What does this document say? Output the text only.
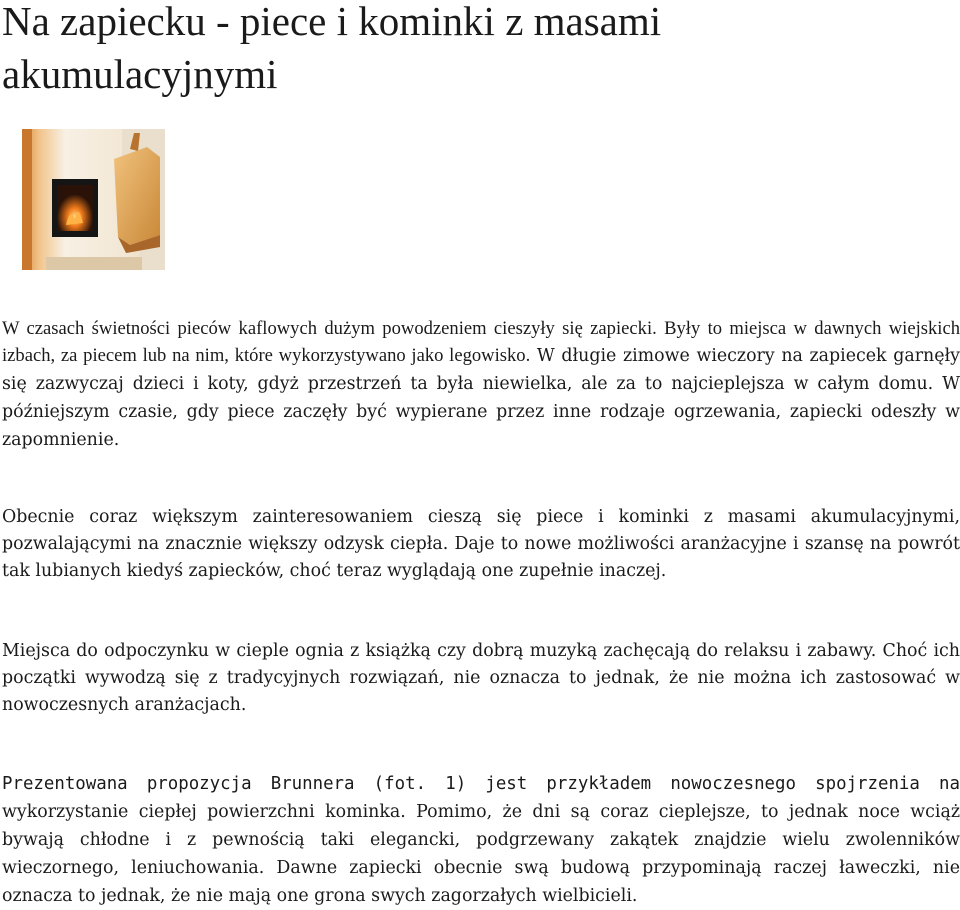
Na zapiecku - piece i kominki z masami akumulacyjnymi

W czasach świetności pieców kaflowych dużym powodzeniem cieszyły się zapiecki. Były to miejsca w dawnych wiejskich izbach, za piecem lub na nim, które wykorzystywano jako legowisko. W długie zimowe wieczory na zapiecek garnęły się zazwyczaj dzieci i koty, gdyż przestrzeń ta była niewielka, ale za to najcieplejsza w całym domu. W późniejszym czasie, gdy piece zaczęły być wypierane przez inne rodzaje ogrzewania, zapiecki odeszły w zapomnienie.

Obecnie coraz większym zainteresowaniem cieszą się piece i kominki z masami akumulacyjnymi, pozwalającymi na znacznie większy odzysk ciepła. Daje to nowe możliwości aranżacyjne i szansę na powrót tak lubianych kiedyś zapiecków, choć teraz wyglądają one zupełnie inaczej.

Miejsca do odpoczynku w cieple ognia z książką czy dobrą muzyką zachęcają do relaksu i zabawy. Choć ich początki wywodzą się z tradycyjnych rozwiązań, nie oznacza to jednak, że nie można ich zastosować w nowoczesnych aranżacjach.

Prezentowana propozycja Brunnera (fot. 1) jest przykładem nowoczesnego spojrzenia na wykorzystanie ciepłej powierzchni kominka. Pomimo, że dni są coraz cieplejsze, to jednak noce wciąż bywają chłodne i z pewnością taki elegancki, podgrzewany zakątek znajdzie wielu zwolenników wieczornego, leniuchowania. Dawne zapiecki obecnie swą budową przypominają raczej ławeczki, nie oznacza to jednak, że nie mają one grona swych zagorzałych wielbicieli.
